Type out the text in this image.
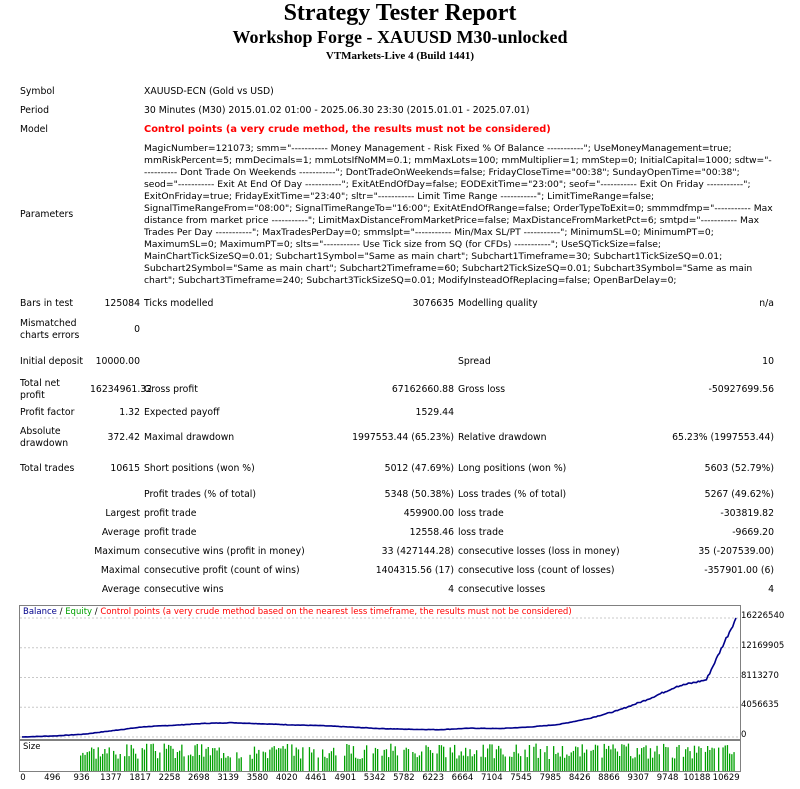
Strategy Tester Report
Workshop Forge - XAUUSD M30-unlocked
VTMarkets-Live 4 (Build 1441)
Symbol	XAUUSD-ECN (Gold vs USD)
Period	30 Minutes (M30) 2015.01.02 01:00 - 2025.06.30 23:30 (2015.01.01 - 2025.07.01)
Model	Control points (a very crude method, the results must not be considered)
Parameters	MagicNumber=121073; smm="----------- Money Management - Risk Fixed % Of Balance -----------"; UseMoneyManagement=true; mmRiskPercent=5; mmDecimals=1; mmLotsIfNoMM=0.1; mmMaxLots=100; mmMultiplier=1; mmStep=0; InitialCapital=1000; sdtw="----------- Dont Trade On Weekends -----------"; DontTradeOnWeekends=false; FridayCloseTime="00:38"; SundayOpenTime="00:38"; seod="----------- Exit At End Of Day -----------"; ExitAtEndOfDay=false; EODExitTime="23:00"; seof="----------- Exit On Friday -----------"; ExitOnFriday=true; FridayExitTime="23:40"; sltr="----------- Limit Time Range -----------"; LimitTimeRange=false; SignalTimeRangeFrom="08:00"; SignalTimeRangeTo="16:00"; ExitAtEndOfRange=false; OrderTypeToExit=0; smmmdfmp="----------- Max distance from market price -----------"; LimitMaxDistanceFromMarketPrice=false; MaxDistanceFromMarketPct=6; smtpd="----------- Max Trades Per Day -----------"; MaxTradesPerDay=0; smmslpt="----------- Min/Max SL/PT -----------"; MinimumSL=0; MinimumPT=0; MaximumSL=0; MaximumPT=0; slts="----------- Use Tick size from SQ (for CFDs) -----------"; UseSQTickSize=false; MainChartTickSizeSQ=0.01; Subchart1Symbol="Same as main chart"; Subchart1Timeframe=30; Subchart1TickSizeSQ=0.01; Subchart2Symbol="Same as main chart"; Subchart2Timeframe=60; Subchart2TickSizeSQ=0.01; Subchart3Symbol="Same as main chart"; Subchart3Timeframe=240; Subchart3TickSizeSQ=0.01; ModifyInsteadOfReplacing=false; OpenBarDelay=0;
Bars in test	125084	Ticks modelled	3076635	Modelling quality	n/a
Mismatched charts errors	0				
Initial deposit	10000.00			Spread	10
Total net profit	16234961.32	Gross profit	67162660.88	Gross loss	-50927699.56
Profit factor	1.32	Expected payoff	1529.44		
Absolute drawdown	372.42	Maximal drawdown	1997553.44 (65.23%)	Relative drawdown	65.23% (1997553.44)
Total trades	10615	Short positions (won %)	5012 (47.69%)	Long positions (won %)	5603 (52.79%)
		Profit trades (% of total)	5348 (50.38%)	Loss trades (% of total)	5267 (49.62%)
Largest		profit trade	459900.00	loss trade	-303819.82
Average		profit trade	12558.46	loss trade	-9669.20
Maximum		consecutive wins (profit in money)	33 (427144.28)	consecutive losses (loss in money)	35 (-207539.00)
Maximal		consecutive profit (count of wins)	1404315.56 (17)	consecutive loss (count of losses)	-357901.00 (6)
Average		consecutive wins	4	consecutive losses	4
Balance / Equity / Control points (a very crude method based on the nearest less timeframe, the results must not be considered)	16226540
12169905
8113270
4056635
0
Size
0 496 936 1377 1817 2258 2698 3139 3580 4020 4461 4901 5342 5782 6223 6664 7104 7545 7985 8426 8866 9307 9748 10188 10629
